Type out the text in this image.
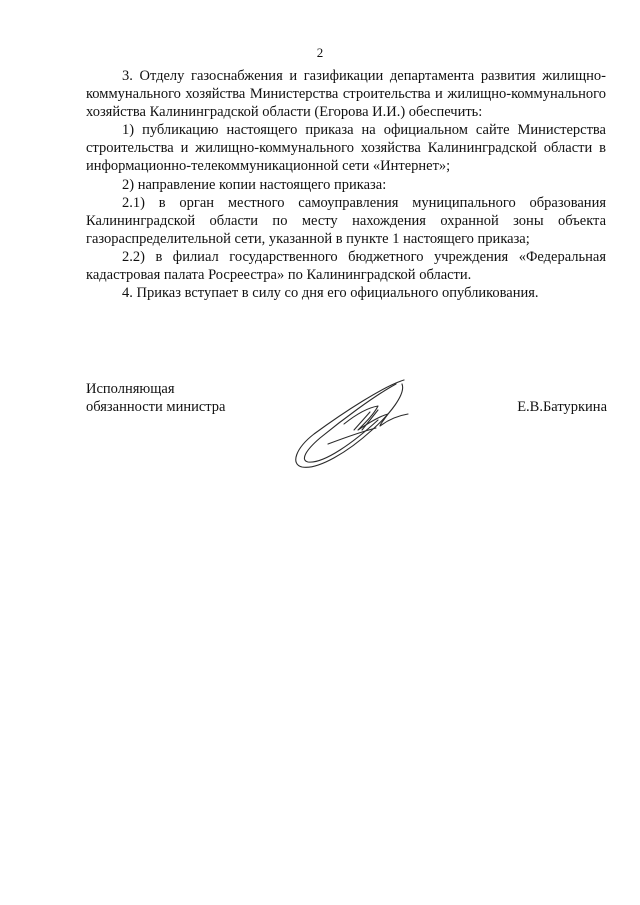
2

3. Отделу газоснабжения и газификации департамента развития жилищно-коммунального хозяйства Министерства строительства и жилищно-коммунального хозяйства Калининградской области (Егорова И.И.) обеспечить:

1) публикацию настоящего приказа на официальном сайте Министерства строительства и жилищно-коммунального хозяйства Калининградской области в информационно-телекоммуникационной сети «Интернет»;

2) направление копии настоящего приказа:

2.1) в орган местного самоуправления муниципального образования Калининградской области по месту нахождения охранной зоны объекта газораспределительной сети, указанной в пункте 1 настоящего приказа;

2.2) в филиал государственного бюджетного учреждения «Федеральная кадастровая палата Росреестра» по Калининградской области.

4. Приказ вступает в силу со дня его официального опубликования.

Исполняющая
обязанности министра	Е.В.Батуркина
